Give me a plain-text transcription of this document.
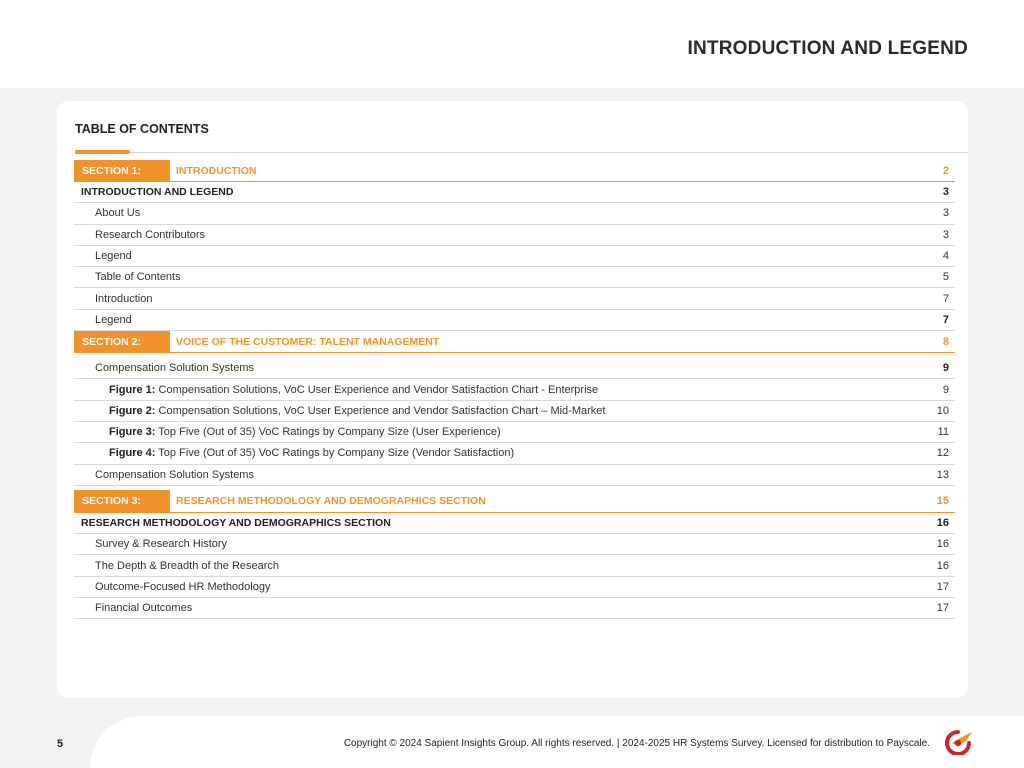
INTRODUCTION AND LEGEND
TABLE OF CONTENTS
SECTION 1:	INTRODUCTION	2
INTRODUCTION AND LEGEND	3
About Us	3
Research Contributors	3
Legend	4
Table of Contents	5
Introduction	7
Legend	7
SECTION 2:	VOICE OF THE CUSTOMER: TALENT MANAGEMENT	8
Compensation Solution Systems	9
Figure 1: Compensation Solutions, VoC User Experience and Vendor Satisfaction Chart - Enterprise	9
Figure 2: Compensation Solutions, VoC User Experience and Vendor Satisfaction Chart – Mid-Market	10
Figure 3: Top Five (Out of 35) VoC Ratings by Company Size (User Experience)	11
Figure 4: Top Five (Out of 35) VoC Ratings by Company Size (Vendor Satisfaction)	12
Compensation Solution Systems	13
SECTION 3:	RESEARCH METHODOLOGY AND DEMOGRAPHICS SECTION	15
RESEARCH METHODOLOGY AND DEMOGRAPHICS SECTION	16
Survey & Research History	16
The Depth & Breadth of the Research	16
Outcome-Focused HR Methodology	17
Financial Outcomes	17
5	Copyright © 2024 Sapient Insights Group. All rights reserved. | 2024-2025 HR Systems Survey. Licensed for distribution to Payscale.
